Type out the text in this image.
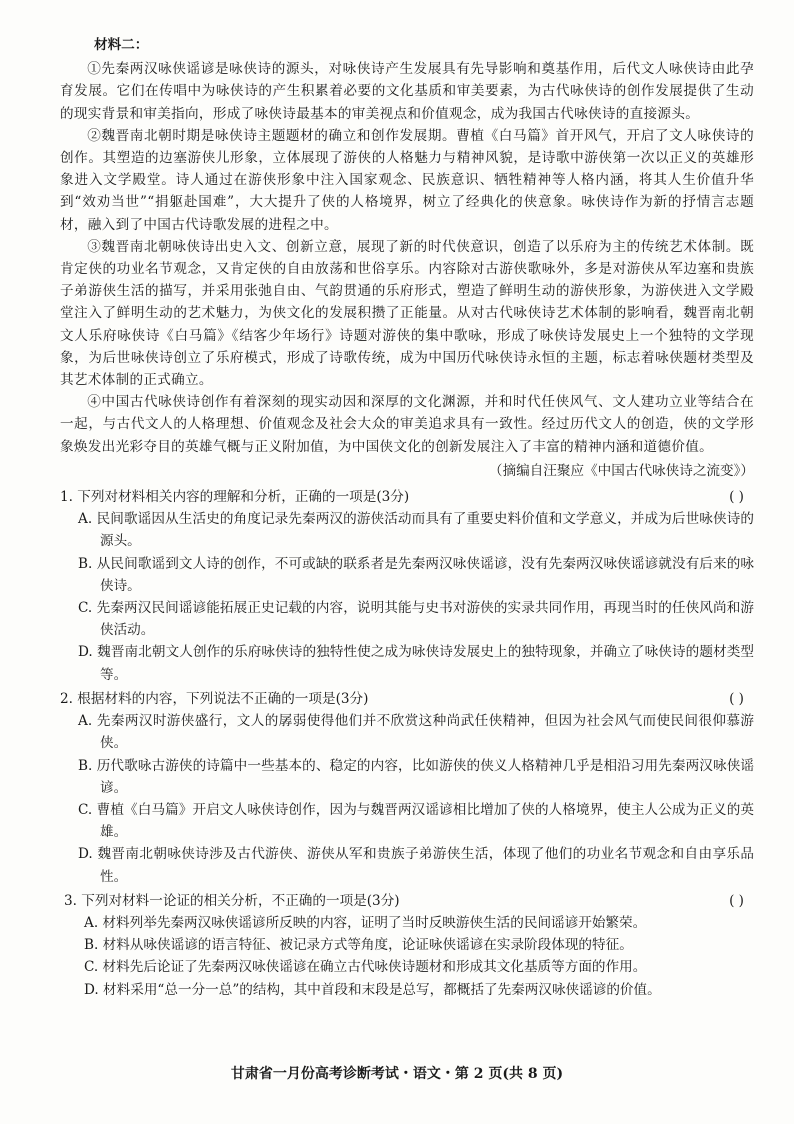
材料二：

①先秦两汉咏侠谣谚是咏侠诗的源头，对咏侠诗产生发展具有先导影响和奠基作用，后代文人咏侠诗由此孕育发展。它们在传唱中为咏侠诗的产生积累着必要的文化基质和审美要素，为古代咏侠诗的创作发展提供了生动的现实背景和审美指向，形成了咏侠诗最基本的审美视点和价值观念，成为我国古代咏侠诗的直接源头。

②魏晋南北朝时期是咏侠诗主题题材的确立和创作发展期。曹植《白马篇》首开风气，开启了文人咏侠诗的创作。其塑造的边塞游侠儿形象，立体展现了游侠的人格魅力与精神风貌，是诗歌中游侠第一次以正义的英雄形象进入文学殿堂。诗人通过在游侠形象中注入国家观念、民族意识、牺牲精神等人格内涵，将其人生价值升华到“效劝当世”“捐躯赴国难”，大大提升了侠的人格境界，树立了经典化的侠意象。咏侠诗作为新的抒情言志题材，融入到了中国古代诗歌发展的进程之中。

③魏晋南北朝咏侠诗出史入文、创新立意，展现了新的时代侠意识，创造了以乐府为主的传统艺术体制。既肯定侠的功业名节观念，又肯定侠的自由放荡和世俗享乐。内容除对古游侠歌咏外，多是对游侠从军边塞和贵族子弟游侠生活的描写，并采用张弛自由、气韵贯通的乐府形式，塑造了鲜明生动的游侠形象，为游侠进入文学殿堂注入了鲜明生动的艺术魅力，为侠文化的发展积攒了正能量。从对古代咏侠诗艺术体制的影响看，魏晋南北朝文人乐府咏侠诗《白马篇》《结客少年场行》诗题对游侠的集中歌咏，形成了咏侠诗发展史上一个独特的文学现象，为后世咏侠诗创立了乐府模式，形成了诗歌传统，成为中国历代咏侠诗永恒的主题，标志着咏侠题材类型及其艺术体制的正式确立。

④中国古代咏侠诗创作有着深刻的现实动因和深厚的文化渊源，并和时代任侠风气、文人建功立业等结合在一起，与古代文人的人格理想、价值观念及社会大众的审美追求具有一致性。经过历代文人的创造，侠的文学形象焕发出光彩夺目的英雄气概与正义附加值，为中国侠文化的创新发展注入了丰富的精神内涵和道德价值。

（摘编自汪聚应《中国古代咏侠诗之流变》）
1. 下列对材料相关内容的理解和分析，正确的一项是(3分)	( )
A. 民间歌谣因从生活史的角度记录先秦两汉的游侠活动而具有了重要史料价值和文学意义，并成为后世咏侠诗的源头。
B. 从民间歌谣到文人诗的创作，不可或缺的联系者是先秦两汉咏侠谣谚，没有先秦两汉咏侠谣谚就没有后来的咏侠诗。
C. 先秦两汉民间谣谚能拓展正史记载的内容，说明其能与史书对游侠的实录共同作用，再现当时的任侠风尚和游侠活动。
D. 魏晋南北朝文人创作的乐府咏侠诗的独特性使之成为咏侠诗发展史上的独特现象，并确立了咏侠诗的题材类型等。
2. 根据材料的内容，下列说法不正确的一项是(3分)	( )
A. 先秦两汉时游侠盛行，文人的孱弱使得他们并不欣赏这种尚武任侠精神，但因为社会风气而使民间很仰慕游侠。
B. 历代歌咏古游侠的诗篇中一些基本的、稳定的内容，比如游侠的侠义人格精神几乎是相沿习用先秦两汉咏侠谣谚。
C. 曹植《白马篇》开启文人咏侠诗创作，因为与魏晋两汉谣谚相比增加了侠的人格境界，使主人公成为正义的英雄。
D. 魏晋南北朝咏侠诗涉及古代游侠、游侠从军和贵族子弟游侠生活，体现了他们的功业名节观念和自由享乐品性。
3. 下列对材料一论证的相关分析，不正确的一项是(3分)	( )
A. 材料列举先秦两汉咏侠谣谚所反映的内容，证明了当时反映游侠生活的民间谣谚开始繁荣。
B. 材料从咏侠谣谚的语言特征、被记录方式等角度，论证咏侠谣谚在实录阶段体现的特征。
C. 材料先后论证了先秦两汉咏侠谣谚在确立古代咏侠诗题材和形成其文化基质等方面的作用。
D. 材料采用“总一分一总”的结构，其中首段和末段是总写，都概括了先秦两汉咏侠谣谚的价值。
甘肃省一月份高考诊断考试・语文・第 2 页(共 8 页)
